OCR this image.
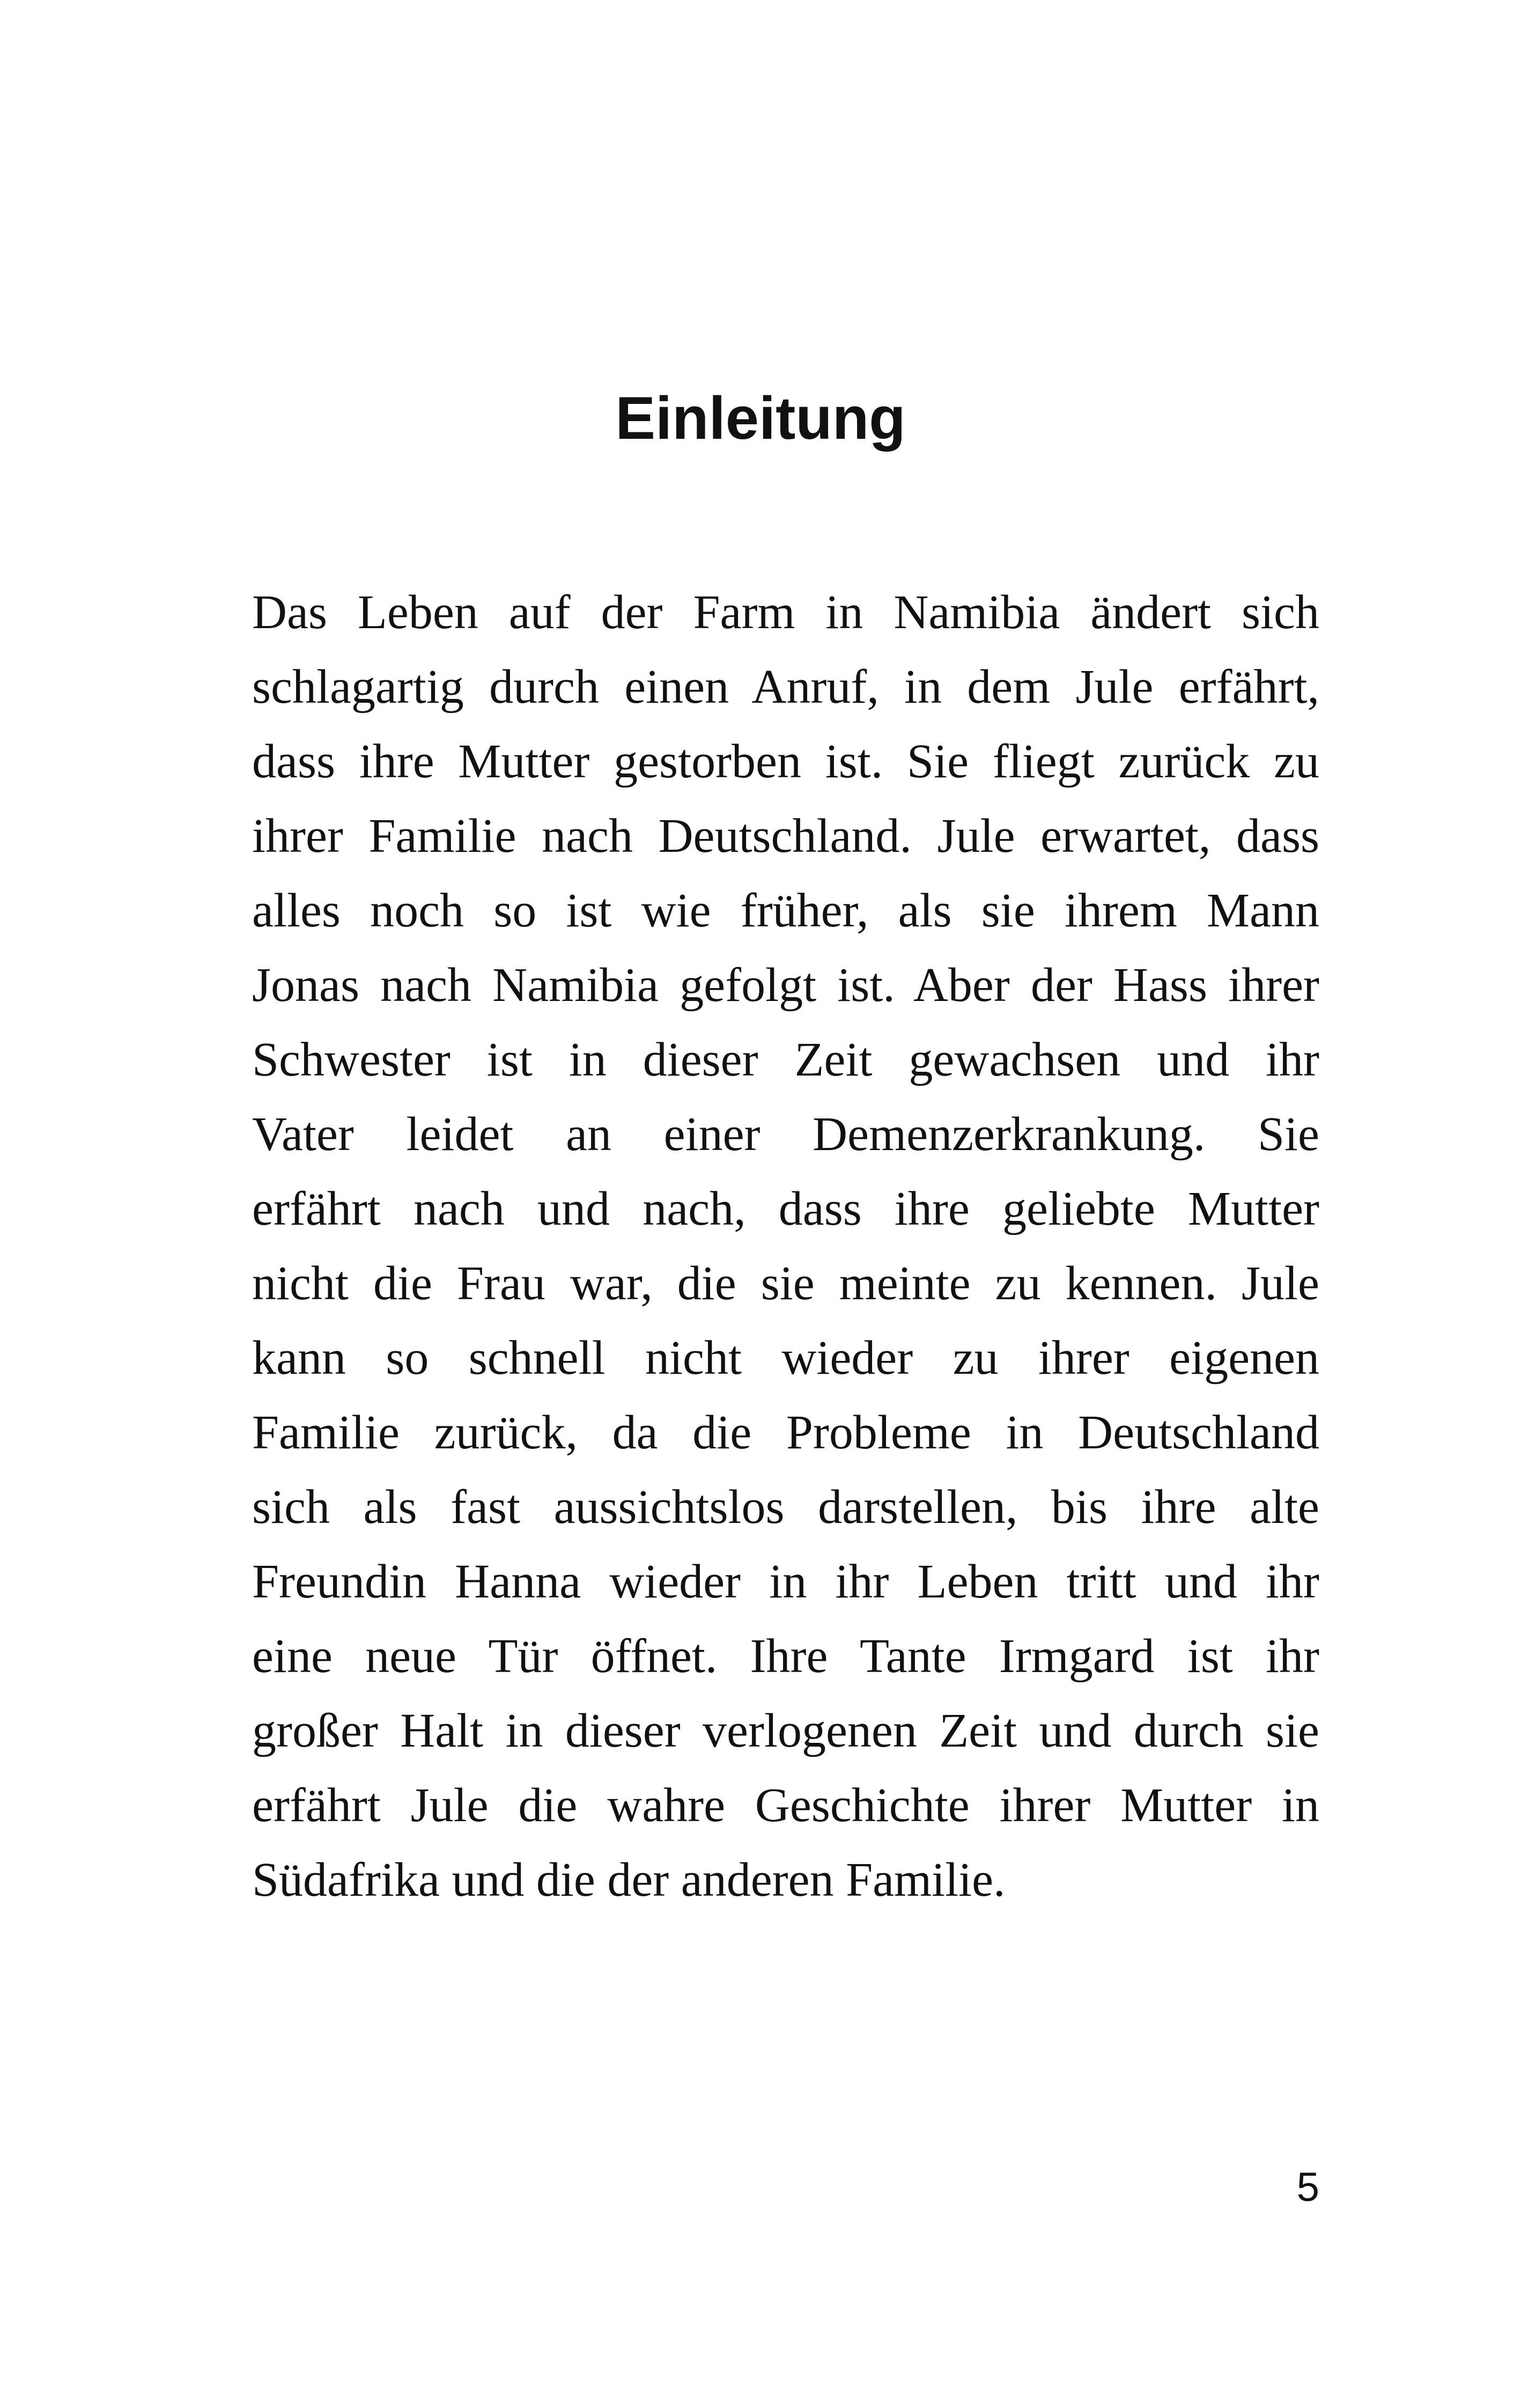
Einleitung
Das Leben auf der Farm in Namibia ändert sich
schlagartig durch einen Anruf, in dem Jule erfährt,
dass ihre Mutter gestorben ist. Sie fliegt zurück zu
ihrer Familie nach Deutschland. Jule erwartet, dass
alles noch so ist wie früher, als sie ihrem Mann
Jonas nach Namibia gefolgt ist. Aber der Hass ihrer
Schwester ist in dieser Zeit gewachsen und ihr
Vater leidet an einer Demenzerkrankung. Sie
erfährt nach und nach, dass ihre geliebte Mutter
nicht die Frau war, die sie meinte zu kennen. Jule
kann so schnell nicht wieder zu ihrer eigenen
Familie zurück, da die Probleme in Deutschland
sich als fast aussichtslos darstellen, bis ihre alte
Freundin Hanna wieder in ihr Leben tritt und ihr
eine neue Tür öffnet. Ihre Tante Irmgard ist ihr
großer Halt in dieser verlogenen Zeit und durch sie
erfährt Jule die wahre Geschichte ihrer Mutter in
Südafrika und die der anderen Familie.
5
